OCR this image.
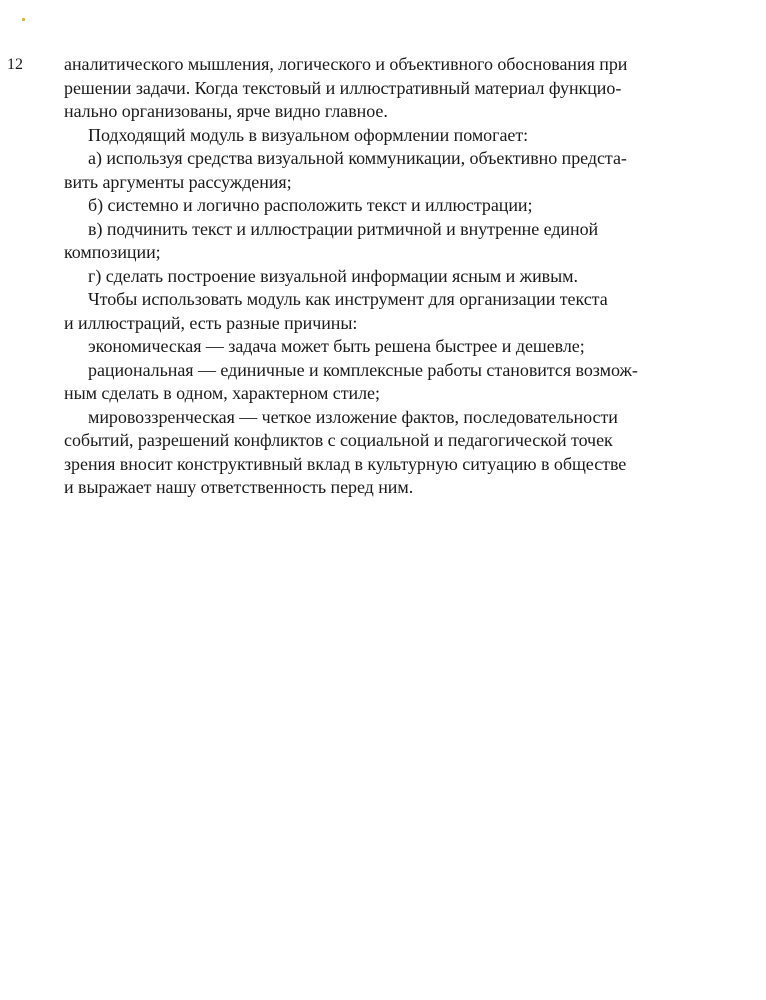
12 аналитического мышления, логического и объективного обоснования при
решении задачи. Когда текстовый и иллюстративный материал функцио-
нально организованы, ярче видно главное.
Подходящий модуль в визуальном оформлении помогает:
а) используя средства визуальной коммуникации, объективно предста-
вить аргументы рассуждения;
б) системно и логично расположить текст и иллюстрации;
в) подчинить текст и иллюстрации ритмичной и внутренне единой
композиции;
г) сделать построение визуальной информации ясным и живым.
Чтобы использовать модуль как инструмент для организации текста
и иллюстраций, есть разные причины:
экономическая — задача может быть решена быстрее и дешевле;
рациональная — единичные и комплексные работы становится возмож-
ным сделать в одном, характерном стиле;
мировоззренческая — четкое изложение фактов, последовательности
событий, разрешений конфликтов с социальной и педагогической точек
зрения вносит конструктивный вклад в культурную ситуацию в обществе
и выражает нашу ответственность перед ним.
